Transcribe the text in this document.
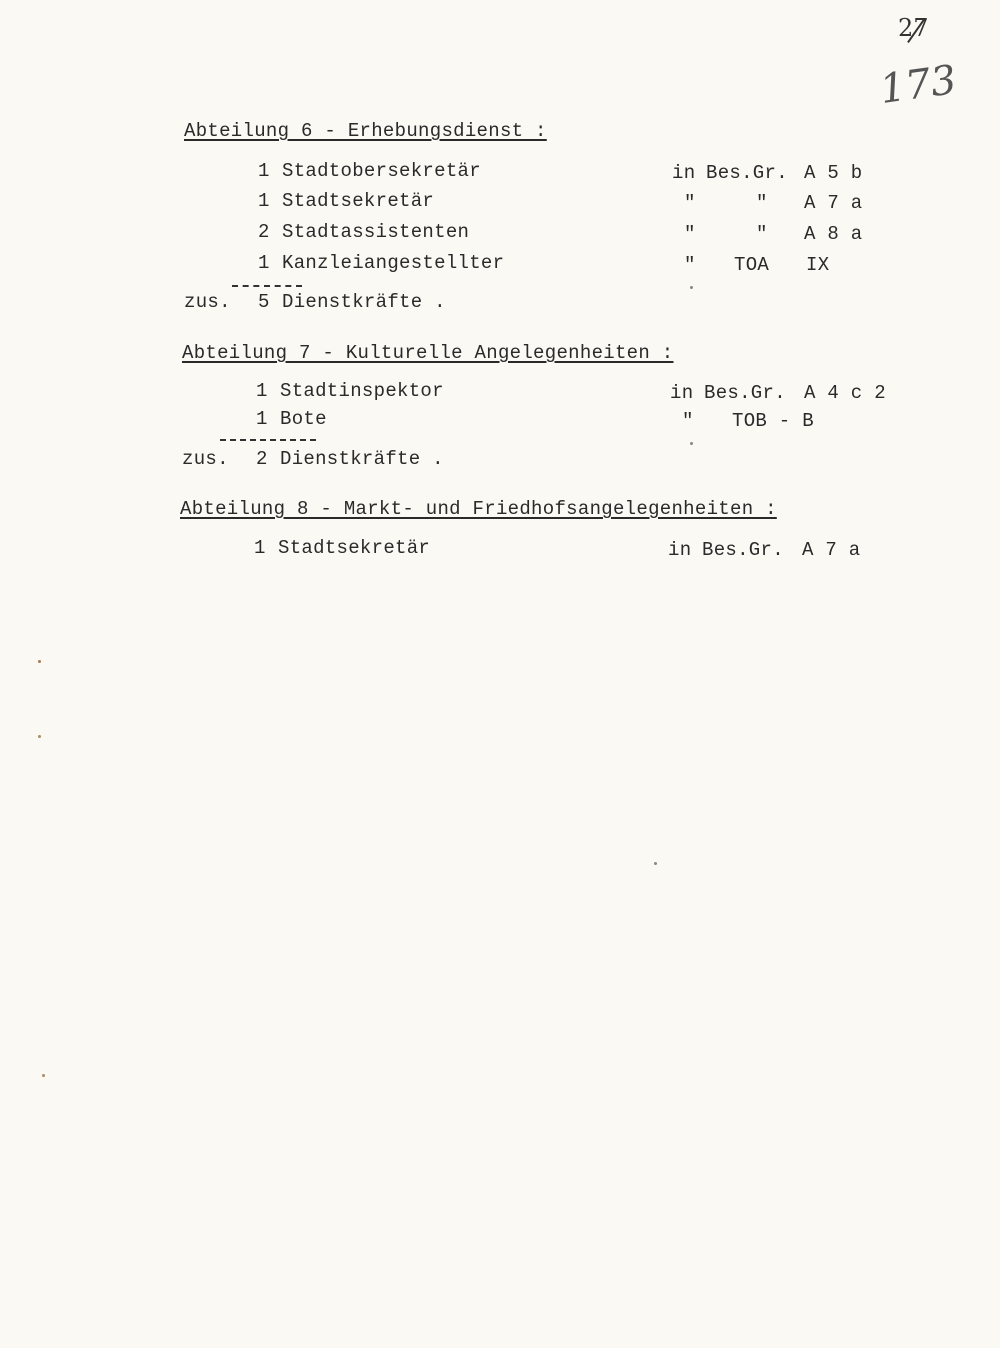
27
173
Abteilung 6 - Erhebungsdienst :
1 Stadtobersekretär	in Bes.Gr. A 5 b
1 Stadtsekretär	"	" A 7 a
2 Stadtassistenten	"	" A 8 a
1 Kanzleiangestellter	" TOA IX
zus. 5 Dienstkräfte .
Abteilung 7 - Kulturelle Angelegenheiten :
1 Stadtinspektor	in Bes.Gr. A 4 c 2
1 Bote	" TOB - B
zus. 2 Dienstkräfte .
Abteilung 8 - Markt- und Friedhofsangelegenheiten :
1 Stadtsekretär	in Bes.Gr. A 7 a
